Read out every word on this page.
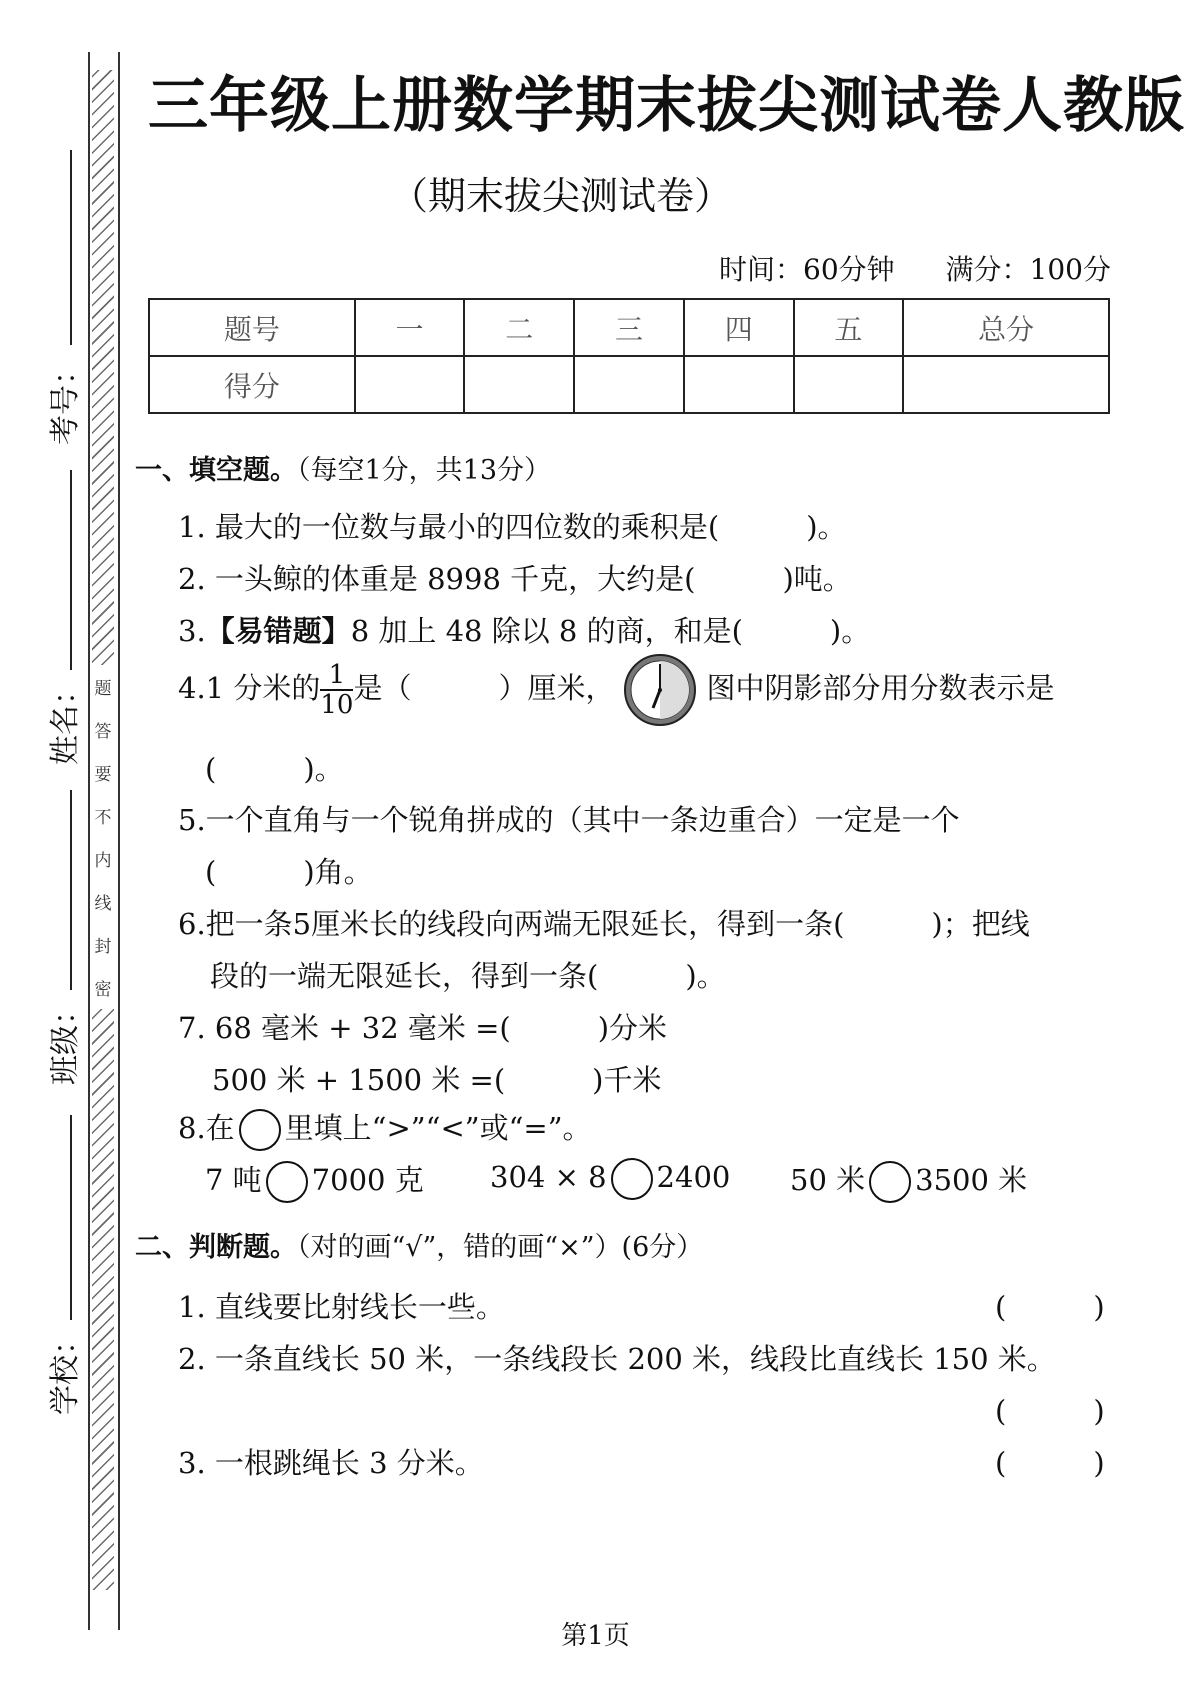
题
答
要
不
内
线
封
密
考号：
姓名：
班级：
学校：
三年级上册数学期末拔尖测试卷人教版
（期末拔尖测试卷）
时间：60分钟   满分：100分
题号	一	二	三	四	五	总分
得分						
一、填空题。（每空1分，共13分）
1. 最大的一位数与最小的四位数的乘积是(　　　)。
2. 一头鲸的体重是 8998 千克，大约是(　　　)吨。
3.【易错题】8 加上 48 除以 8 的商，和是(　　　)。
4.1 分米的 $\frac{1}{10}$ 是（　　　）厘米，	图中阴影部分用分数表示是
(　　　)。
5.一个直角与一个锐角拼成的（其中一条边重合）一定是一个
(　　　)角。
6.把一条5厘米长的线段向两端无限延长，得到一条(　　　)；把线
段的一端无限延长，得到一条(　　　)。
7. 68 毫米 + 32 毫米 =(　　　)分米
500 米 + 1500 米 =(　　　)千米
8.在 里填上“>”“<”或“=”。
7 吨 7000 克 304 × 8 2400 50 米 3500 米
二、判断题。（对的画“√”，错的画“×”）(6分）
1. 直线要比射线长一些。	(　　　)
2. 一条直线长 50 米，一条线段长 200 米，线段比直线长 150 米。
(　　　)
3. 一根跳绳长 3 分米。	(　　　)
第1页
